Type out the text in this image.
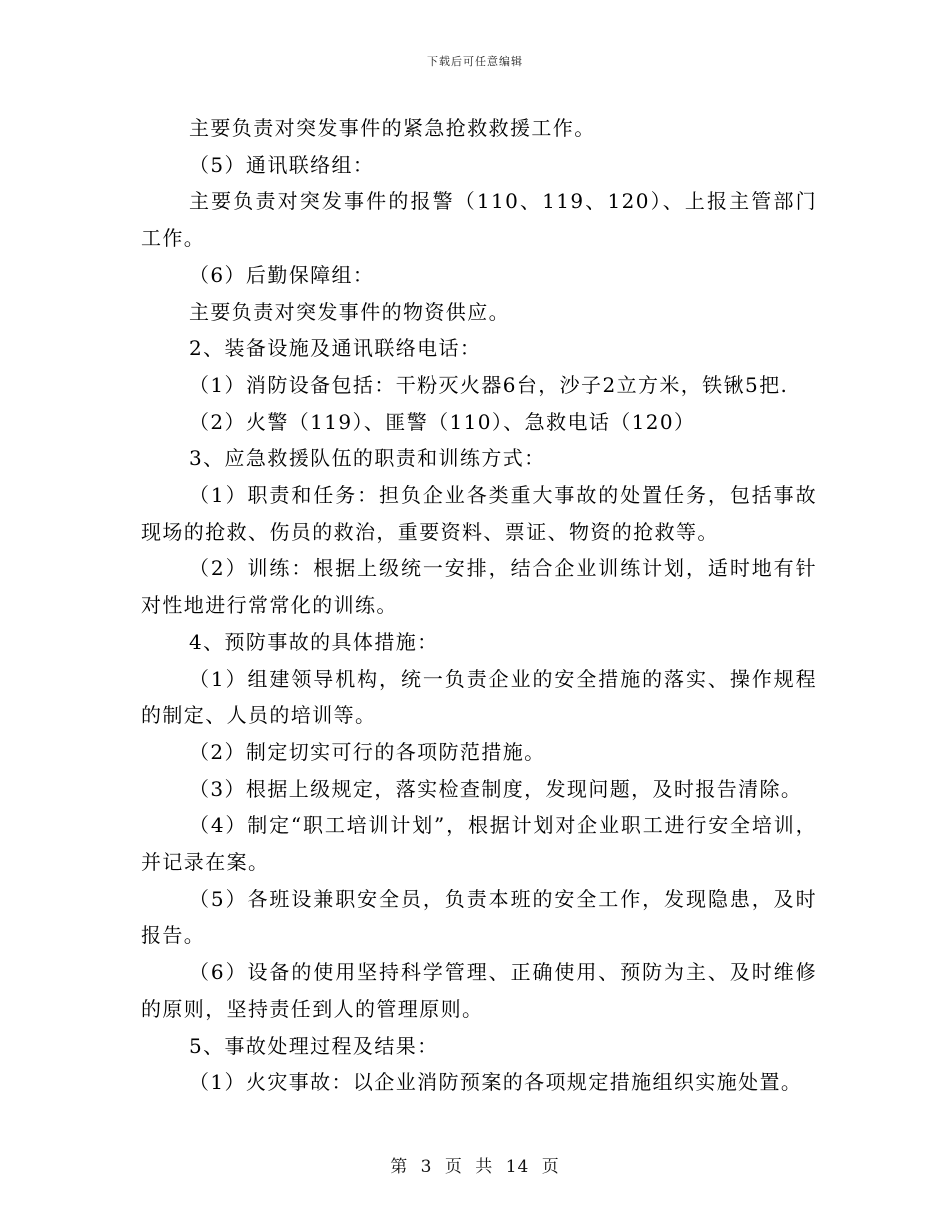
下载后可任意编辑

主要负责对突发事件的紧急抢救救援工作。

（5）通讯联络组：

主要负责对突发事件的报警（110、119、120）、上报主管部门工作。

（6）后勤保障组：

主要负责对突发事件的物资供应。

2、装备设施及通讯联络电话：

（1）消防设备包括：干粉灭火器6台，沙子2立方米，铁锹5把.

（2）火警（119）、匪警（110）、急救电话（120）

3、应急救援队伍的职责和训练方式：

（1）职责和任务：担负企业各类重大事故的处置任务，包括事故现场的抢救、伤员的救治，重要资料、票证、物资的抢救等。

（2）训练：根据上级统一安排，结合企业训练计划，适时地有针对性地进行常常化的训练。

4、预防事故的具体措施：

（1）组建领导机构，统一负责企业的安全措施的落实、操作规程的制定、人员的培训等。

（2）制定切实可行的各项防范措施。

（3）根据上级规定，落实检查制度，发现问题，及时报告清除。

（4）制定“职工培训计划”，根据计划对企业职工进行安全培训，并记录在案。

（5）各班设兼职安全员，负责本班的安全工作，发现隐患，及时报告。

（6）设备的使用坚持科学管理、正确使用、预防为主、及时维修的原则，坚持责任到人的管理原则。

5、事故处理过程及结果：

（1）火灾事故：以企业消防预案的各项规定措施组织实施处置。

第 3 页 共 14 页
